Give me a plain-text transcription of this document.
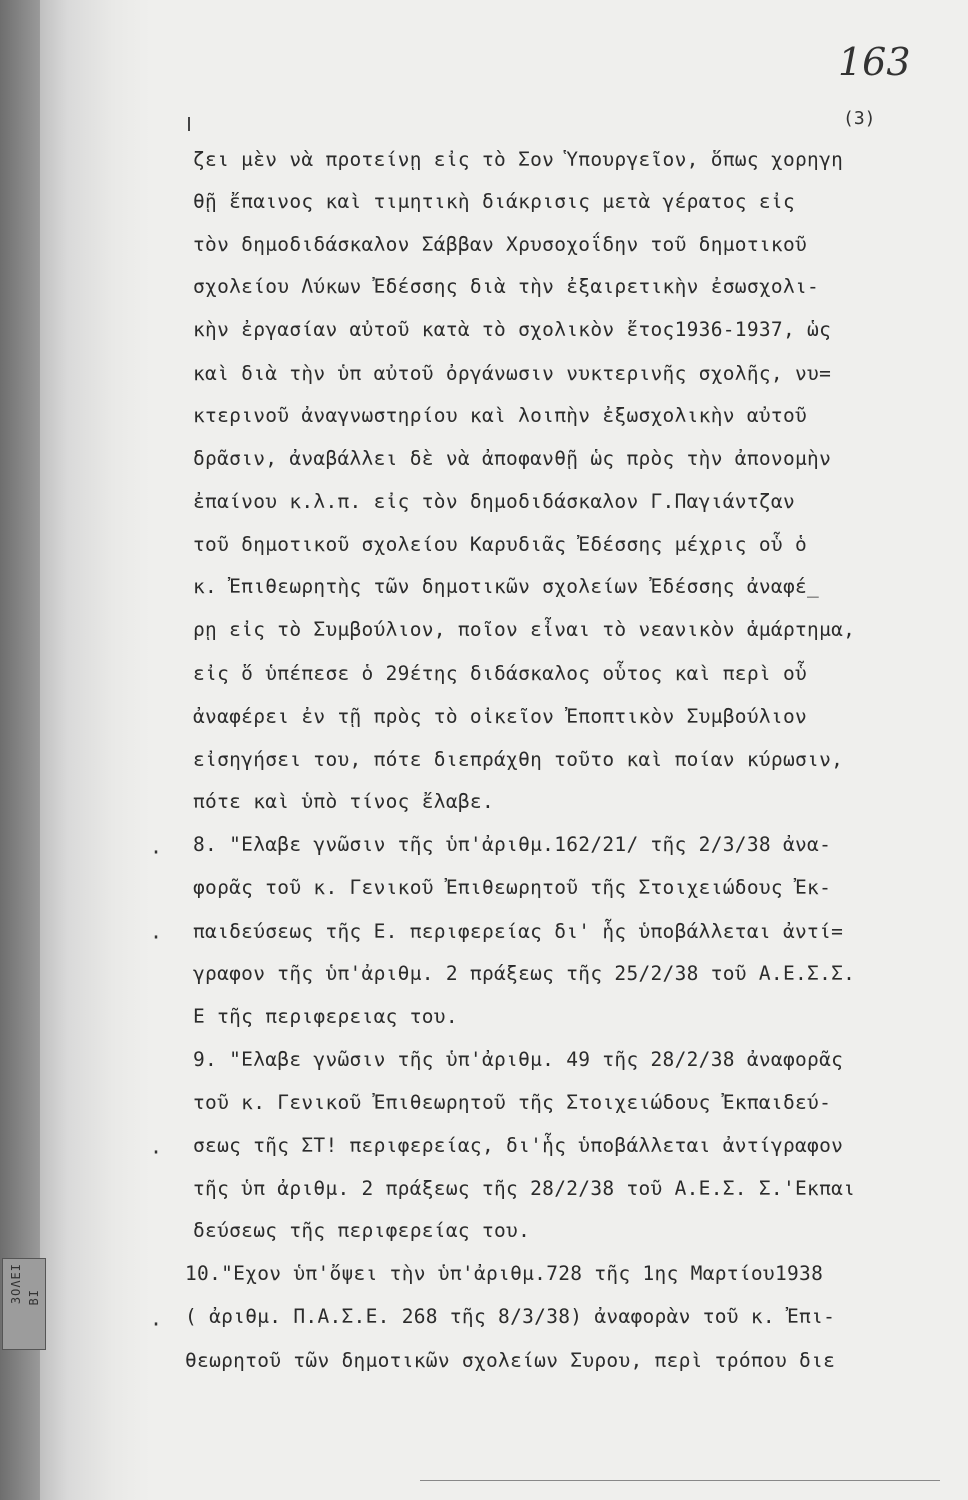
ЗΟΛΕΙ ΒΙ
163
(3)
ζει μὲν νὰ προτείνῃ εἰς τὸ Σον Ὑπουργεῖον, ὅπως χορηγη
θῇ ἔπαινος καὶ τιμητικὴ διάκρισις μετὰ γέρατος εἰς
τὸν δημοδιδάσκαλον Σάββαν Χρυσοχοΐδην τοῦ δημοτικοῦ
σχολείου Λύκων Ἐδέσσης διὰ τὴν ἐξαιρετικὴν ἐσωσχολι-
κὴν ἐργασίαν αὐτοῦ κατὰ τὸ σχολικὸν ἔτος1936-1937, ὡς
καὶ διὰ τὴν ὑπ αὐτοῦ ὀργάνωσιν νυκτερινῆς σχολῆς, νυ=
κτερινοῦ ἀναγνωστηρίου καὶ λοιπὴν ἐξωσχολικὴν αὐτοῦ
δρᾶσιν, ἀναβάλλει δὲ νὰ ἀποφανθῇ ὡς πρὸς τὴν ἀπονομὴν
ἐπαίνου κ.λ.π. εἰς τὸν δημοδιδάσκαλον Γ.Παγιάντζαν
τοῦ δημοτικοῦ σχολείου Καρυδιᾶς Ἐδέσσης μέχρις οὗ ὁ
κ. Ἐπιθεωρητὴς τῶν δημοτικῶν σχολείων Ἐδέσσης ἀναφέ_
ρῃ εἰς τὸ Συμβούλιον, ποῖον εἶναι τὸ νεανικὸν ἁμάρτημα,
εἰς ὅ ὑπέπεσε ὁ 29έτης διδάσκαλος οὗτος καὶ περὶ οὗ
ἀναφέρει ἐν τῇ πρὸς τὸ οἰκεῖον Ἐποπτικὸν Συμβούλιον
εἰσηγήσει του, πότε διεπράχθη τοῦτο καὶ ποίαν κύρωσιν,
πότε καὶ ὑπὸ τίνος ἔλαβε.
· 8. "Ελαβε γνῶσιν τῆς ὑπ'ἀριθμ.162/21/ τῆς 2/3/38 ἀνα-
φορᾶς τοῦ κ. Γενικοῦ Ἐπιθεωρητοῦ τῆς Στοιχειώδους Ἐκ-
· παιδεύσεως τῆς Ε. περιφερείας δι' ἧς ὑποβάλλεται ἀντί=
γραφον τῆς ὑπ'ἀριθμ. 2 πράξεως τῆς 25/2/38 τοῦ Α.Ε.Σ.Σ.
Ε τῆς περιφερειας του.
9. "Ελαβε γνῶσιν τῆς ὑπ'ἀριθμ. 49 τῆς 28/2/38 ἀναφορᾶς
τοῦ κ. Γενικοῦ Ἐπιθεωρητοῦ τῆς Στοιχειώδους Ἐκπαιδεύ-
· σεως τῆς ΣΤ! περιφερείας, δι'ἧς ὑποβάλλεται ἀντίγραφον
τῆς ὑπ ἀριθμ. 2 πράξεως τῆς 28/2/38 τοῦ Α.Ε.Σ. Σ.'Εκπαι
δεύσεως τῆς περιφερείας του.
10."Εχον ὑπ'ὄψει τὴν ὑπ'ἀριθμ.728 τῆς 1ης Μαρτίου1938
· ( ἀριθμ. Π.Α.Σ.Ε. 268 τῆς 8/3/38) ἀναφορὰν τοῦ κ. Ἐπι-
θεωρητοῦ τῶν δημοτικῶν σχολείων Συρου, περὶ τρόπου διε
